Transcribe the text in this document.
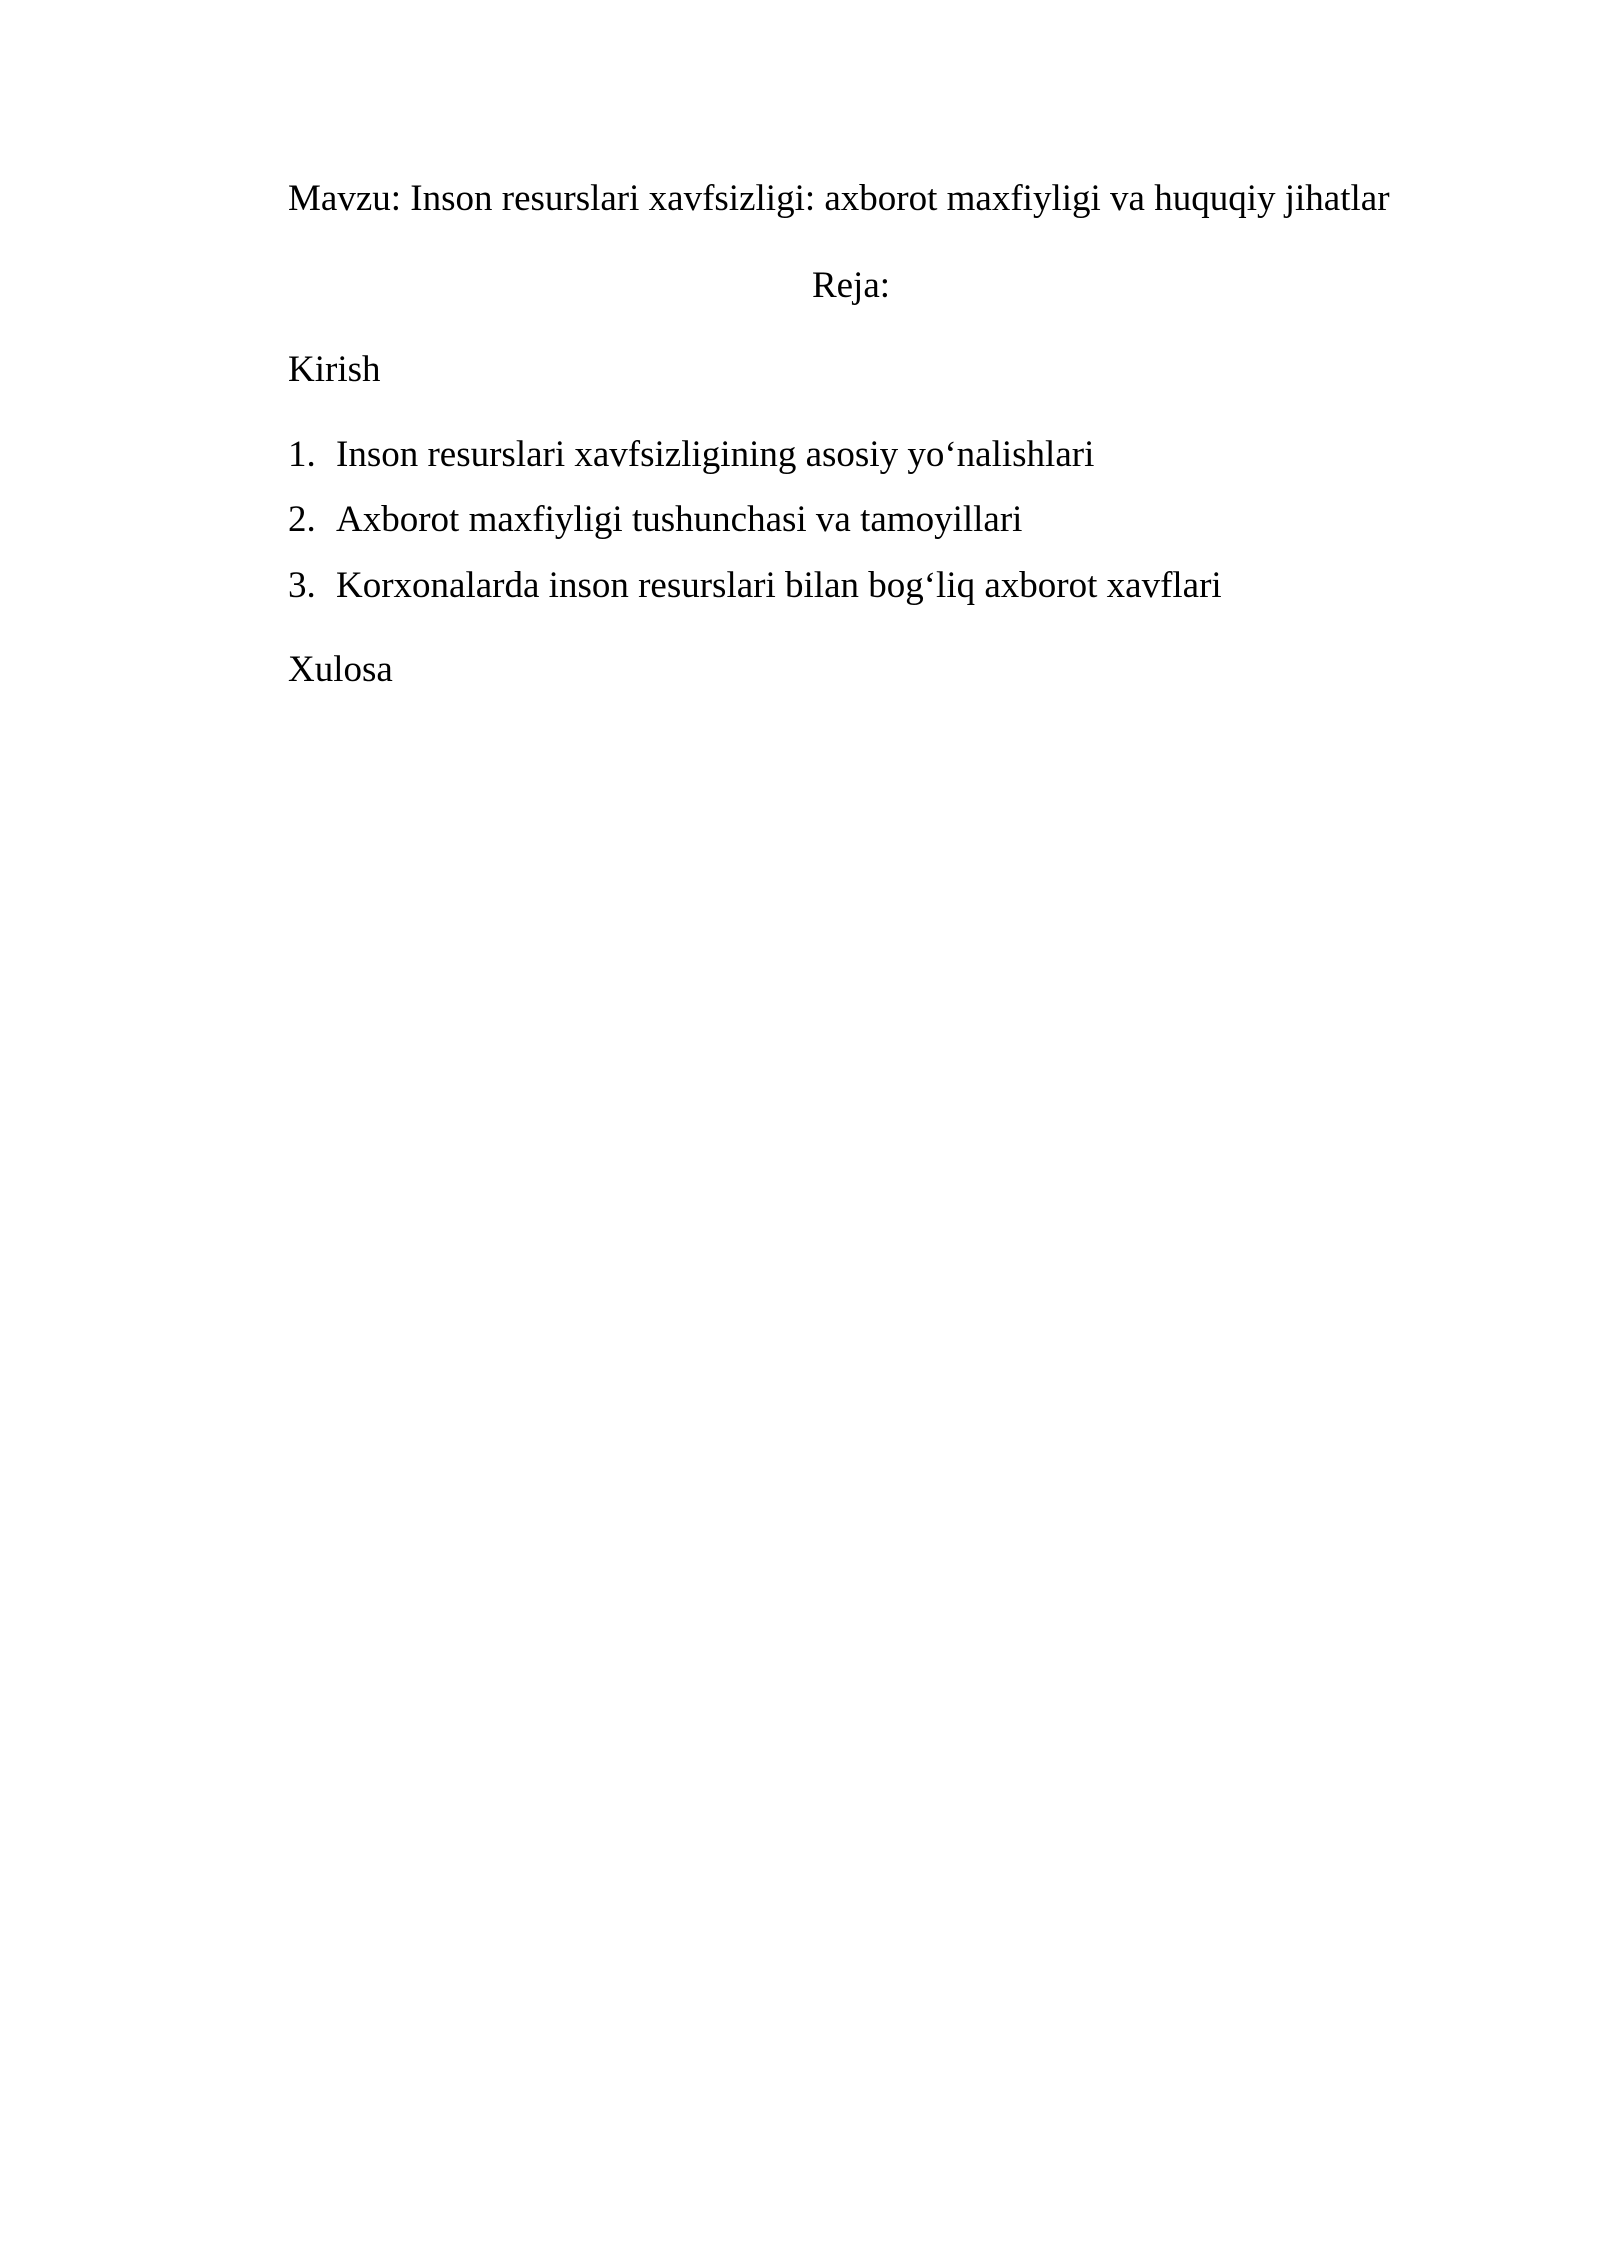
Mavzu: Inson resurslari xavfsizligi: axborot maxfiyligi va huquqiy jihatlar
Reja:
Kirish
1. Inson resurslari xavfsizligining asosiy yo‘nalishlari
2. Axborot maxfiyligi tushunchasi va tamoyillari
3. Korxonalarda inson resurslari bilan bog‘liq axborot xavflari
Xulosa
